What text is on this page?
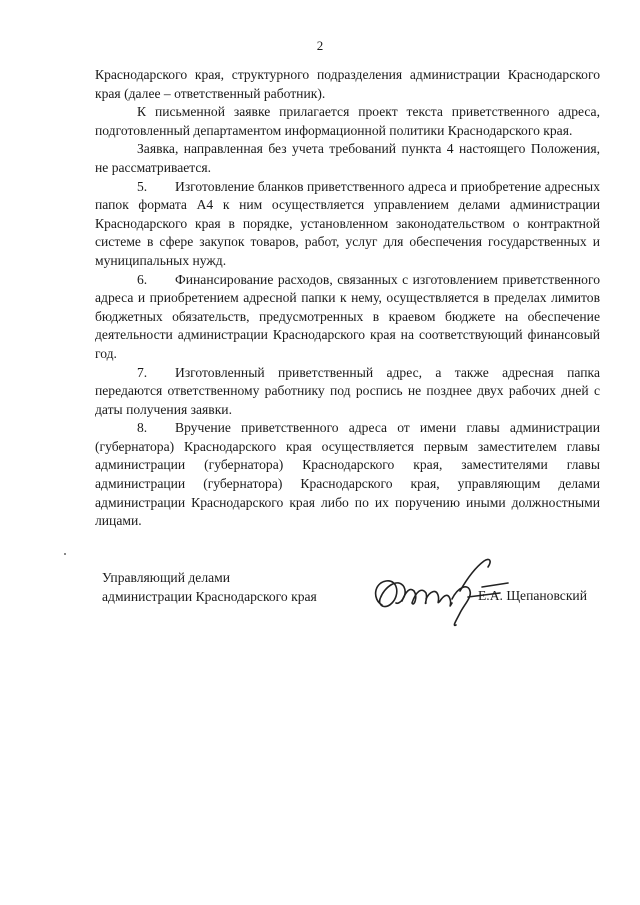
2

Краснодарского края, структурного подразделения администрации Краснодарского края (далее – ответственный работник).

К письменной заявке прилагается проект текста приветственного адреса, подготовленный департаментом информационной политики Краснодарского края.

Заявка, направленная без учета требований пункта 4 настоящего Положения, не рассматривается.

5. Изготовление бланков приветственного адреса и приобретение адресных папок формата А4 к ним осуществляется управлением делами администрации Краснодарского края в порядке, установленном законодательством о контрактной системе в сфере закупок товаров, работ, услуг для обеспечения государственных и муниципальных нужд.

6. Финансирование расходов, связанных с изготовлением приветственного адреса и приобретением адресной папки к нему, осуществляется в пределах лимитов бюджетных обязательств, предусмотренных в краевом бюджете на обеспечение деятельности администрации Краснодарского края на соответствующий финансовый год.

7. Изготовленный приветственный адрес, а также адресная папка передаются ответственному работнику под роспись не позднее двух рабочих дней с даты получения заявки.

8. Вручение приветственного адреса от имени главы администрации (губернатора) Краснодарского края осуществляется первым заместителем главы администрации (губернатора) Краснодарского края, заместителями главы администрации (губернатора) Краснодарского края, управляющим делами администрации Краснодарского края либо по их поручению иными должностными лицами.

Управляющий делами
администрации Краснодарского края	Е.А. Щепановский
